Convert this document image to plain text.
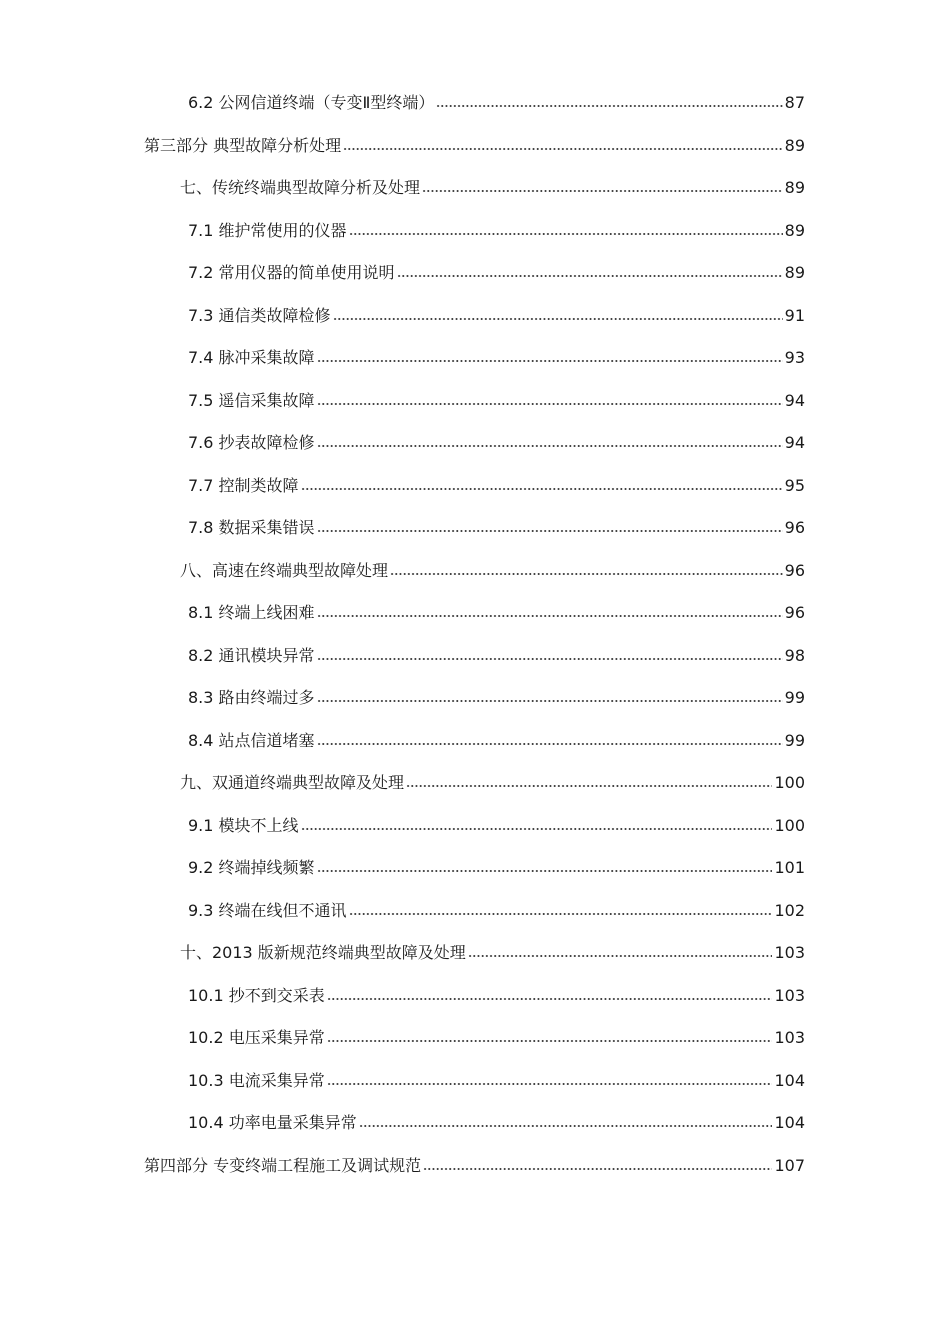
6.2 公网信道终端（专变Ⅱ型终端）	87
第三部分 典型故障分析处理	89
七、传统终端典型故障分析及处理	89
7.1 维护常使用的仪器	89
7.2 常用仪器的简单使用说明	89
7.3 通信类故障检修	91
7.4 脉冲采集故障	93
7.5 遥信采集故障	94
7.6 抄表故障检修	94
7.7 控制类故障	95
7.8 数据采集错误	96
八、高速在终端典型故障处理	96
8.1 终端上线困难	96
8.2 通讯模块异常	98
8.3 路由终端过多	99
8.4 站点信道堵塞	99
九、双通道终端典型故障及处理	100
9.1 模块不上线	100
9.2 终端掉线频繁	101
9.3 终端在线但不通讯	102
十、2013 版新规范终端典型故障及处理	103
10.1 抄不到交采表	103
10.2 电压采集异常	103
10.3 电流采集异常	104
10.4 功率电量采集异常	104
第四部分 专变终端工程施工及调试规范	107
